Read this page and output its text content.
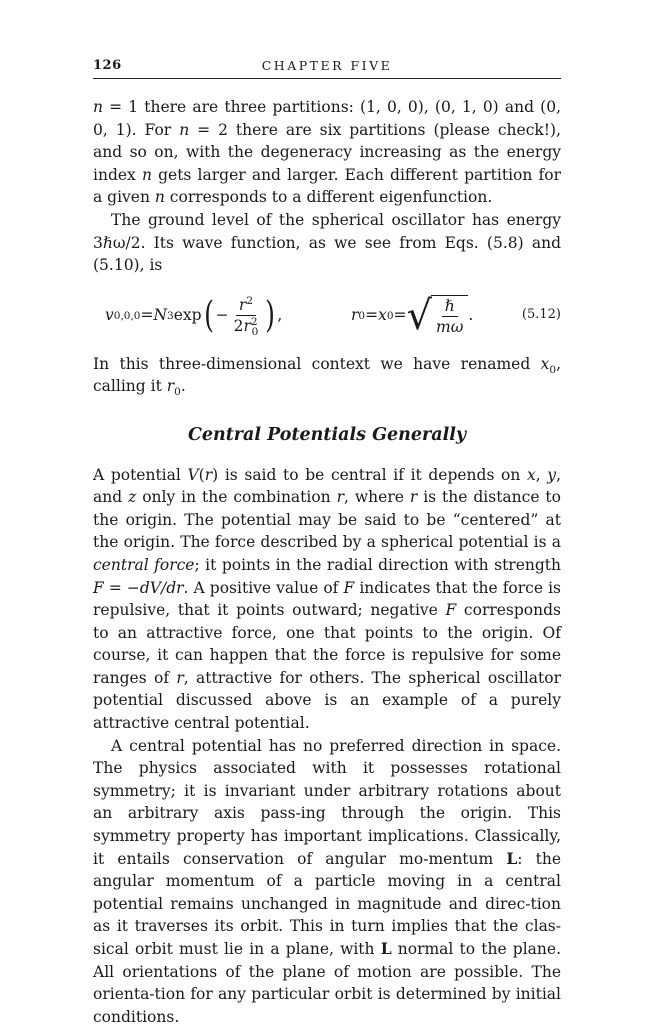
126	CHAPTER FIVE

n = 1 there are three partitions: (1, 0, 0), (0, 1, 0) and (0, 0, 1). For n = 2 there are six partitions (please check!), and so on, with the degeneracy increasing as the energy index n gets larger and larger. Each different partition for a given n corresponds to a different eigenfunction.

The ground level of the spherical oscillator has energy 3ℏω/2. Its wave function, as we see from Eqs. (5.8) and (5.10), is

v 0,0,0 = N 3 exp ( − $\frac{r^2}{2r^2_0}$ ) ,	r 0 = x 0 = √ $\frac{\text{ℏ}}{m\omega}$ .	(5.12)

In this three-dimensional context we have renamed $x_0$, calling it $r_0$.

Central Potentials Generally

A potential V(r) is said to be central if it depends on x, y, and z only in the combination r, where r is the distance to the origin. The potential may be said to be “centered” at the origin. The force described by a spherical potential is a central force; it points in the radial direction with strength F = −dV/dr. A positive value of F indicates that the force is repulsive, that it points outward; negative F corresponds to an attractive force, one that points to the origin. Of course, it can happen that the force is repulsive for some ranges of r, attractive for others. The spherical oscillator potential discussed above is an example of a purely attractive central potential.

A central potential has no preferred direction in space. The physics associated with it possesses rotational symmetry; it is invariant under arbitrary rotations about an arbitrary axis pass-ing through the origin. This symmetry property has important implications. Classically, it entails conservation of angular mo-mentum L: the angular momentum of a particle moving in a central potential remains unchanged in magnitude and direc-tion as it traverses its orbit. This in turn implies that the clas-sical orbit must lie in a plane, with L normal to the plane. All orientations of the plane of motion are possible. The orienta-tion for any particular orbit is determined by initial conditions.
